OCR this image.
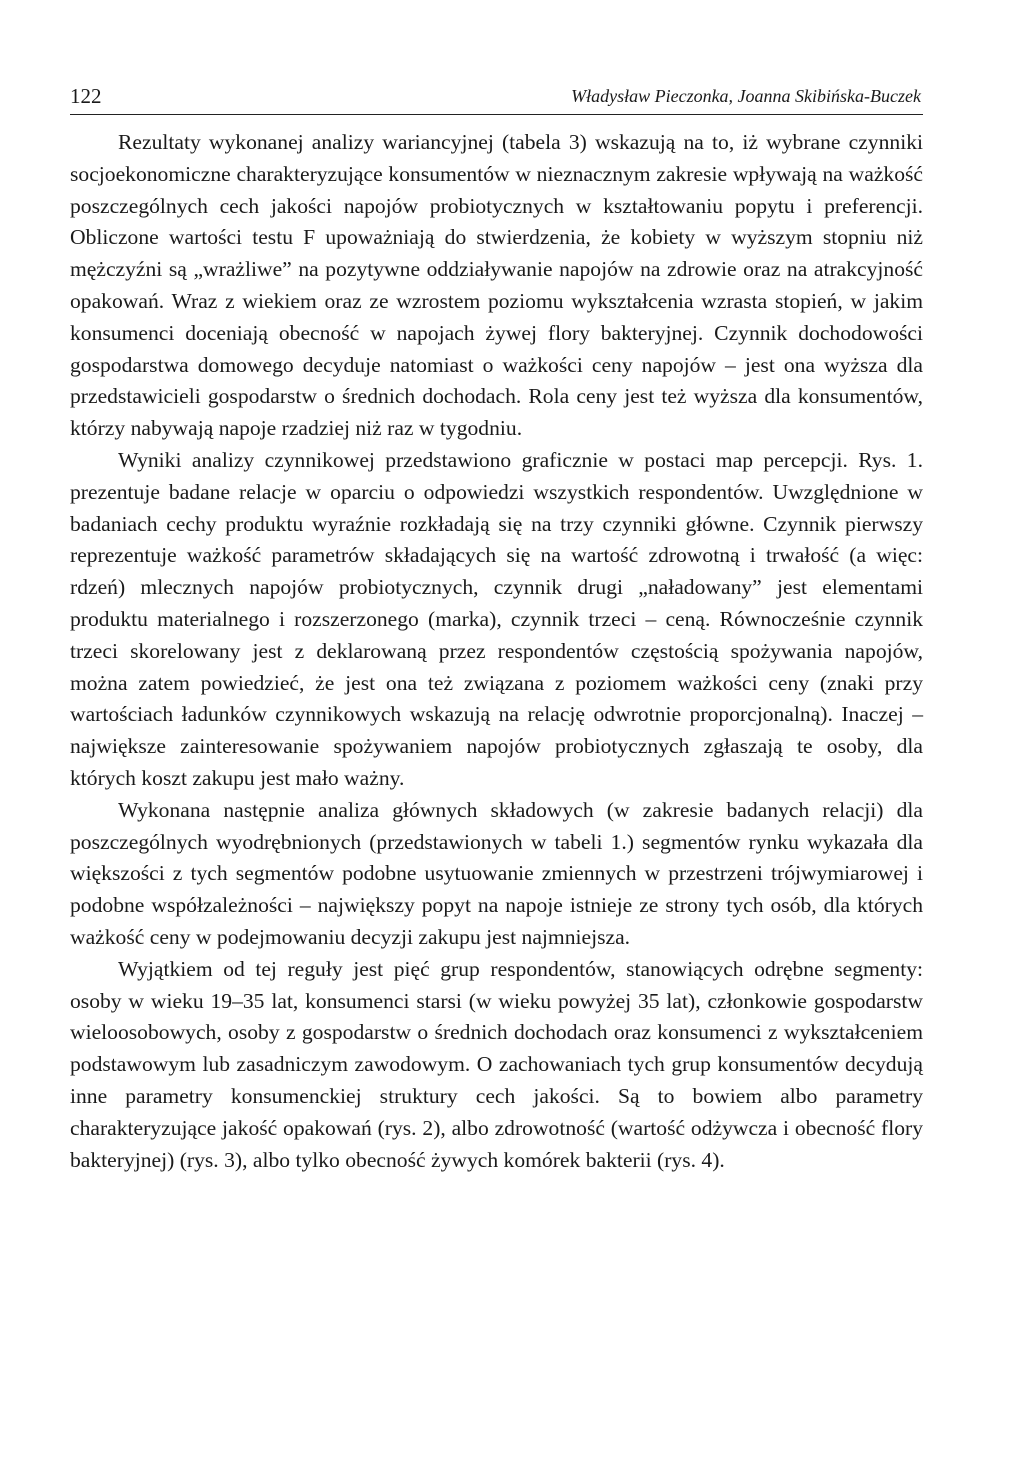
122	Władysław Pieczonka, Joanna Skibińska-Buczek

Rezultaty wykonanej analizy wariancyjnej (tabela 3) wskazują na to, iż wybrane czynniki socjoekonomiczne charakteryzujące konsumentów w nieznacznym zakresie wpływają na ważkość poszczególnych cech jakości napojów probiotycznych w kształtowaniu popytu i preferencji. Obliczone wartości testu F upoważniają do stwierdzenia, że kobiety w wyższym stopniu niż mężczyźni są „wrażliwe” na pozytywne oddziaływanie napojów na zdrowie oraz na atrakcyjność opakowań. Wraz z wiekiem oraz ze wzrostem poziomu wykształcenia wzrasta stopień, w jakim konsumenci doceniają obecność w napojach żywej flory bakteryjnej. Czynnik dochodowości gospodarstwa domowego decyduje natomiast o ważkości ceny napojów – jest ona wyższa dla przedstawicieli gospodarstw o średnich dochodach. Rola ceny jest też wyższa dla konsumentów, którzy nabywają napoje rzadziej niż raz w tygodniu.

Wyniki analizy czynnikowej przedstawiono graficznie w postaci map percepcji. Rys. 1. prezentuje badane relacje w oparciu o odpowiedzi wszystkich respondentów. Uwzględnione w badaniach cechy produktu wyraźnie rozkładają się na trzy czynniki główne. Czynnik pierwszy reprezentuje ważkość parametrów składających się na wartość zdrowotną i trwałość (a więc: rdzeń) mlecznych napojów probiotycznych, czynnik drugi „naładowany” jest elementami produktu materialnego i rozszerzonego (marka), czynnik trzeci – ceną. Równocześnie czynnik trzeci skorelowany jest z deklarowaną przez respondentów częstością spożywania napojów, można zatem powiedzieć, że jest ona też związana z poziomem ważkości ceny (znaki przy wartościach ładunków czynnikowych wskazują na relację odwrotnie proporcjonalną). Inaczej – największe zainteresowanie spożywaniem napojów probiotycznych zgłaszają te osoby, dla których koszt zakupu jest mało ważny.

Wykonana następnie analiza głównych składowych (w zakresie badanych relacji) dla poszczególnych wyodrębnionych (przedstawionych w tabeli 1.) segmentów rynku wykazała dla większości z tych segmentów podobne usytuowanie zmiennych w przestrzeni trójwymiarowej i podobne współzależności – największy popyt na napoje istnieje ze strony tych osób, dla których ważkość ceny w podejmowaniu decyzji zakupu jest najmniejsza.

Wyjątkiem od tej reguły jest pięć grup respondentów, stanowiących odrębne segmenty: osoby w wieku 19–35 lat, konsumenci starsi (w wieku powyżej 35 lat), członkowie gospodarstw wieloosobowych, osoby z gospodarstw o średnich dochodach oraz konsumenci z wykształceniem podstawowym lub zasadniczym zawodowym. O zachowaniach tych grup konsumentów decydują inne parametry konsumenckiej struktury cech jakości. Są to bowiem albo parametry charakteryzujące jakość opakowań (rys. 2), albo zdrowotność (wartość odżywcza i obecność flory bakteryjnej) (rys. 3), albo tylko obecność żywych komórek bakterii (rys. 4).
